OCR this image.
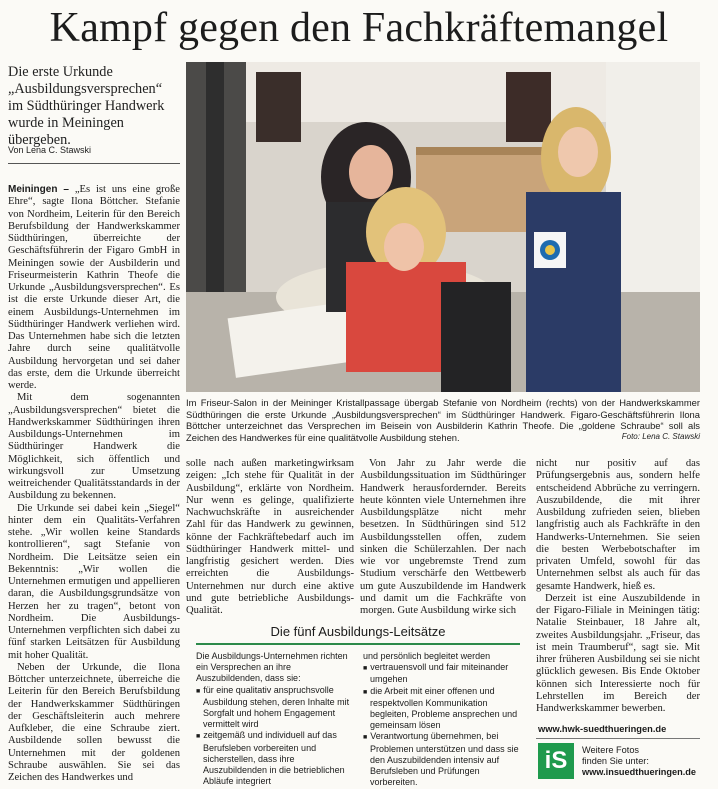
Kampf gegen den Fachkräftemangel
Die erste Urkunde „Ausbildungsversprechen“ im Südthüringer Handwerk wurde in Meiningen übergeben.
Von Lena C. Stawski

Meiningen – „Es ist uns eine große Ehre“, sagte Ilona Böttcher. Stefanie von Nordheim, Leiterin für den Bereich Berufsbildung der Handwerkskammer Südthüringen, überreichte der Geschäftsführerin der Figaro GmbH in Meiningen sowie der Ausbilderin und Friseurmeisterin Kathrin Theofe die Urkunde „Ausbildungsversprechen“. Es ist die erste Urkunde dieser Art, die einem Ausbildungs-Unternehmen im Südthüringer Handwerk verliehen wird. Das Unternehmen habe sich die letzten Jahre durch seine qualitätvolle Ausbildung hervorgetan und sei daher das erste, dem die Urkunde überreicht werde.

Mit dem sogenannten „Ausbildungsversprechen“ bietet die Handwerkskammer Südthüringen ihren Ausbildungs-Unternehmen im Südthüringer Handwerk die Möglichkeit, sich öffentlich und wirkungsvoll zur Umsetzung weitreichender Qualitätsstandards in der Ausbildung zu bekennen.

Die Urkunde sei dabei kein „Siegel“ hinter dem ein Qualitäts-Verfahren stehe. „Wir wollen keine Standards kontrollieren“, sagt Stefanie von Nordheim. Die Leitsätze seien ein Bekenntnis: „Wir wollen die Unternehmen ermutigen und appellieren daran, die Ausbildungsgrundsätze von Herzen her zu tragen“, betont von Nordheim. Die Ausbildungs-Unternehmen verpflichten sich dabei zu fünf starken Leitsätzen für Ausbildung mit hoher Qualität.

Neben der Urkunde, die Ilona Böttcher unterzeichnete, überreiche die Leiterin für den Bereich Berufsbildung der Handwerkskammer Südthüringen der Geschäftsleiterin auch mehrere Aufkleber, die eine Schraube ziert. Ausbildende sollen bewusst die Unternehmen mit der goldenen Schraube auswählen. Sie sei das Zeichen des Handwerkes und

Im Friseur-Salon in der Meininger Kristallpassage übergab Stefanie von Nordheim (rechts) von der Handwerkskammer Südthüringen die erste Urkunde „Ausbildungsversprechen“ im Südthüringer Handwerk. Figaro-Geschäftsführerin Ilona Böttcher unterzeichnet das Versprechen im Beisein von Ausbilderin Kathrin Theofe. Die „goldene Schraube“ soll als Zeichen des Handwerkes für eine qualitätvolle Ausbildung stehen.	Foto: Lena C. Stawski

solle nach außen marketingwirksam zeigen: „Ich stehe für Qualität in der Ausbildung“, erklärte von Nordheim. Nur wenn es gelinge, qualifizierte Nachwuchskräfte in ausreichender Zahl für das Handwerk zu gewinnen, könne der Fachkräftebedarf auch im Südthüringer Handwerk mittel- und langfristig gesichert werden. Dies erreichten die Ausbildungs-Unternehmen nur durch eine aktive und gute betriebliche Ausbildungs-Qualität.

Von Jahr zu Jahr werde die Ausbildungssituation im Südthüringer Handwerk herausfordernder. Bereits heute könnten viele Unternehmen ihre Ausbildungsplätze nicht mehr besetzen. In Südthüringen sind 512 Ausbildungsstellen offen, zudem sinken die Schülerzahlen. Der nach wie vor ungebremste Trend zum Studium verschärfe den Wettbewerb um gute Auszubildende im Handwerk und damit um die Fachkräfte von morgen. Gute Ausbildung wirke sich

nicht nur positiv auf das Prüfungsergebnis aus, sondern helfe entscheidend Abbrüche zu verringern. Auszubildende, die mit ihrer Ausbildung zufrieden seien, blieben langfristig auch als Fachkräfte in den Handwerks-Unternehmen. Sie seien die besten Werbebotschafter im privaten Umfeld, sowohl für das Unternehmen selbst als auch für das gesamte Handwerk, hieß es.

Derzeit ist eine Auszubildende in der Figaro-Filiale in Meiningen tätig: Natalie Steinbauer, 18 Jahre alt, zweites Ausbildungsjahr. „Friseur, das ist mein Traumberuf“, sagt sie. Mit ihrer früheren Ausbildung sei sie nicht glücklich gewesen. Bis Ende Oktober können sich Interessierte noch für Lehrstellen im Bereich der Handwerkskammer bewerben.

Die fünf Ausbildungs-Leitsätze
Die Ausbildungs-Unternehmen richten ein Versprechen an ihre Auszubildenden, dass sie:
■ für eine qualitativ anspruchsvolle Ausbildung stehen, deren Inhalte mit Sorgfalt und hohem Engagement vermittelt wird
■ zeitgemäß und individuell auf das Berufsleben vorbereiten und sicherstellen, dass ihre Auszubildenden in die betrieblichen Abläufe integriert
und persönlich begleitet werden
■ vertrauensvoll und fair miteinander umgehen
■ die Arbeit mit einer offenen und respektvollen Kommunikation begleiten, Probleme ansprechen und gemeinsam lösen
■ Verantwortung übernehmen, bei Problemen unterstützen und dass sie den Auszubildenden intensiv auf Berufsleben und Prüfungen vorbereiten.
www.hwk-suedthueringen.de
iS	Weitere Fotos
finden Sie unter:
www.insuedthueringen.de
